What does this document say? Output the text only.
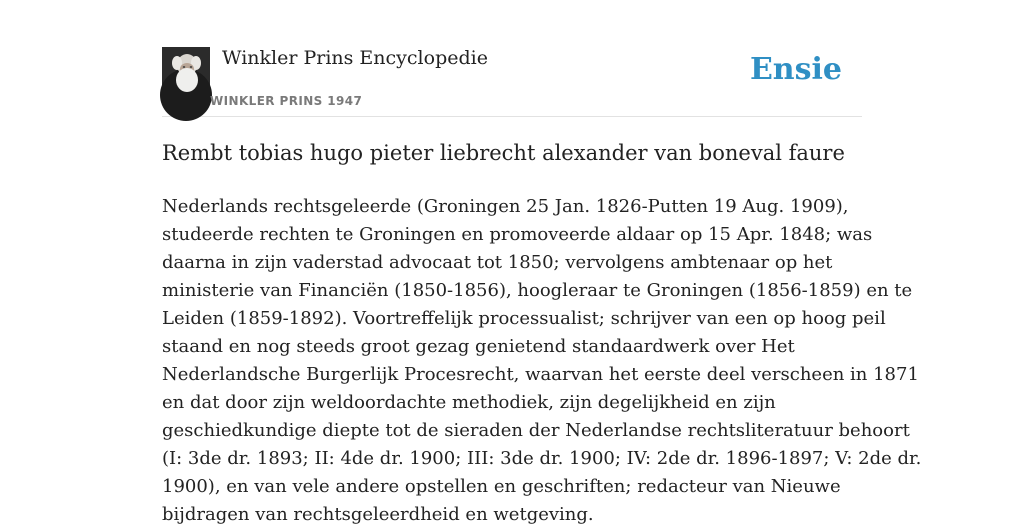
Winkler Prins Encyclopedie
WINKLER PRINS 1947
Ensie
Rembt tobias hugo pieter liebrecht alexander van boneval faure

Nederlands rechtsgeleerde (Groningen 25 Jan. 1826-Putten 19 Aug. 1909),
studeerde rechten te Groningen en promoveerde aldaar op 15 Apr. 1848; was
daarna in zijn vaderstad advocaat tot 1850; vervolgens ambtenaar op het
ministerie van Financiën (1850-1856), hoogleraar te Groningen (1856-1859) en te
Leiden (1859-1892). Voortreffelijk processualist; schrijver van een op hoog peil
staand en nog steeds groot gezag genietend standaardwerk over Het
Nederlandsche Burgerlijk Procesrecht, waarvan het eerste deel verscheen in 1871
en dat door zijn weldoordachte methodiek, zijn degelijkheid en zijn
geschiedkundige diepte tot de sieraden der Nederlandse rechtsliteratuur behoort
(I: 3de dr. 1893; II: 4de dr. 1900; III: 3de dr. 1900; IV: 2de dr. 1896-1897; V: 2de dr.
1900), en van vele andere opstellen en geschriften; redacteur van Nieuwe
bijdragen van rechtsgeleerdheid en wetgeving.
